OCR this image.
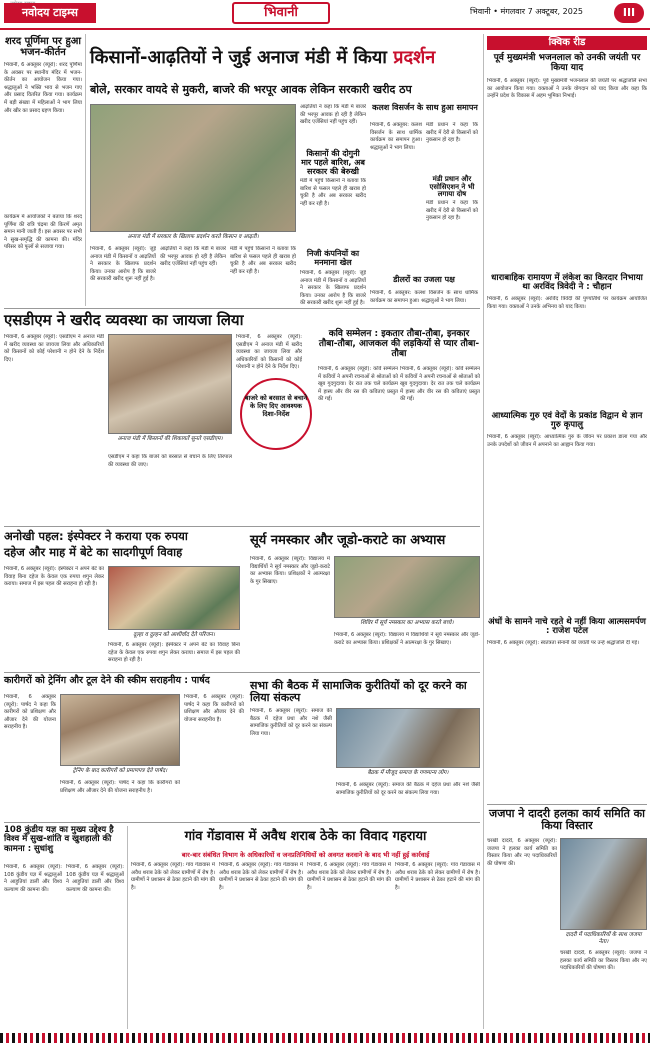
नवोदय टाइम्स	भिवानी	भिवानी • मंगलवार 7 अक्टूबर, 2025	III
शरद पूर्णिमा पर हुआ भजन-कीर्तन
भिवानी, 6 अक्तूबर (ब्यूरो): शरद पूर्णिमा के अवसर पर स्थानीय मंदिर में भजन-कीर्तन का आयोजन किया गया। श्रद्धालुओं ने भक्ति भाव से भजन गाए और प्रसाद वितरित किया गया। कार्यक्रम में बड़ी संख्या में महिलाओं ने भाग लिया और खीर का प्रसाद ग्रहण किया।
कार्यक्रम में आयोजकों ने बताया कि शरद पूर्णिमा की रात्रि चंद्रमा की किरणें अमृत समान मानी जाती हैं। इस अवसर पर सभी ने सुख-समृद्धि की कामना की। मंदिर परिसर को फूलों से सजाया गया।
किसानों-आढ़तियों ने जुई अनाज मंडी में किया प्रदर्शन
बोले, सरकार वायदे से मुकरी, बाजरे की भरपूर आवक लेकिन सरकारी खरीद ठप
अनाज मंडी में सरकार के खिलाफ प्रदर्शन करते किसान व आढ़ती।
भिवानी, 6 अक्तूबर (ब्यूरो): जुई अनाज मंडी में किसानों व आढ़तियों ने सरकार के खिलाफ प्रदर्शन किया। उनका आरोप है कि बाजरे की सरकारी खरीद शुरू नहीं हुई है।
आढ़तियों ने कहा कि मंडी में बाजरे की भरपूर आवक हो रही है लेकिन खरीद एजेंसियां नहीं पहुंच रहीं।
मंडी में पहुंचे किसानों ने बताया कि बारिश से फसल पहले ही खराब हो चुकी है और अब सरकार खरीद नहीं कर रही है।
आढ़तियों ने कहा कि मंडी में बाजरे की भरपूर आवक हो रही है लेकिन खरीद एजेंसियां नहीं पहुंच रहीं।
किसानों की दोगुनी मार पहले बारिश, अब सरकार की बेरुखी
मंडी में पहुंचे किसानों ने बताया कि बारिश से फसल पहले ही खराब हो चुकी है और अब सरकार खरीद नहीं कर रही है।
निजी कंपनियों का मनमाना खेल
भिवानी, 6 अक्तूबर (ब्यूरो): जुई अनाज मंडी में किसानों व आढ़तियों ने सरकार के खिलाफ प्रदर्शन किया। उनका आरोप है कि बाजरे की सरकारी खरीद शुरू नहीं हुई है।
कलश विसर्जन के साथ हुआ समापन
भिवानी, 6 अक्तूबर: कलश विसर्जन के साथ धार्मिक कार्यक्रम का समापन हुआ। श्रद्धालुओं ने भाग लिया।
मंडी प्रधान ने कहा कि खरीद में देरी से किसानों को नुकसान हो रहा है।
मंडी प्रधान और एसोसिएशन ने भी लगाया दोष
मंडी प्रधान ने कहा कि खरीद में देरी से किसानों को नुकसान हो रहा है।
डीलरों का उजला पक्ष
भिवानी, 6 अक्तूबर: कलश विसर्जन के साथ धार्मिक कार्यक्रम का समापन हुआ। श्रद्धालुओं ने भाग लिया।
क्विक रीड
पूर्व मुख्यमंत्री भजनलाल को उनकी जयंती पर किया याद
भिवानी, 6 अक्तूबर (ब्यूरो): पूर्व मुख्यमंत्री भजनलाल की जयंती पर श्रद्धांजलि सभा का आयोजन किया गया। वक्ताओं ने उनके योगदान को याद किया और कहा कि उन्होंने प्रदेश के विकास में अहम भूमिका निभाई।
धाराबाहिक रामायण में लंकेश का किरदार निभाया था अरविंद त्रिवेदी ने : चौहान
भिवानी, 6 अक्तूबर (ब्यूरो): अरविंद त्रिवेदी की पुण्यतिथि पर कार्यक्रम आयोजित किया गया। वक्ताओं ने उनके अभिनय को याद किया।
आध्यात्मिक गुरु एवं वेदों के प्रकांड विद्वान थे ज्ञान गुरु कृपालु
भिवानी, 6 अक्तूबर (ब्यूरो): आध्यात्मिक गुरु के जीवन पर प्रकाश डाला गया और उनके उपदेशों को जीवन में अपनाने का आह्वान किया गया।
अंधों के सामने नाचे रहते थे नहीं किया आत्मसमर्पण : राजेश पटेल
भिवानी, 6 अक्तूबर (ब्यूरो): स्वतंत्रता सेनानी की जयंती पर उन्हें श्रद्धांजलि दी गई।
जजपा ने दादरी हलका कार्य समिति का किया विस्तार
चरखी दादरी, 6 अक्तूबर (ब्यूरो): जजपा ने हलका कार्य समिति का विस्तार किया और नए पदाधिकारियों की घोषणा की।
दादरी में पदाधिकारियों के साथ जजपा नेता।
चरखी दादरी, 6 अक्तूबर (ब्यूरो): जजपा ने हलका कार्य समिति का विस्तार किया और नए पदाधिकारियों की घोषणा की।
एसडीएम ने खरीद व्यवस्था का जायजा लिया
भिवानी, 6 अक्तूबर (ब्यूरो): एसडीएम ने अनाज मंडी में खरीद व्यवस्था का जायजा लिया और अधिकारियों को किसानों को कोई परेशानी न होने देने के निर्देश दिए।
अनाज मंडी में किसानों की शिकायतें सुनते एसडीएम।
एसडीएम ने कहा कि बाजरे को बरसात से बचाने के लिए तिरपाल की व्यवस्था की जाए।
भिवानी, 6 अक्तूबर (ब्यूरो): एसडीएम ने अनाज मंडी में खरीद व्यवस्था का जायजा लिया और अधिकारियों को किसानों को कोई परेशानी न होने देने के निर्देश दिए।
बाजरे को बरसात से बचाने के लिए दिए आवश्यक दिशा-निर्देश
कवि सम्मेलन : इकतार तौबा-तौबा, इनकार तौबा-तौबा, आजकल की लड़कियों से प्यार तौबा-तौबा
भिवानी, 6 अक्तूबर (ब्यूरो): कवि सम्मेलन में कवियों ने अपनी रचनाओं से श्रोताओं को खूब गुदगुदाया। देर रात तक चले कार्यक्रम में हास्य और वीर रस की कविताएं प्रस्तुत की गईं।
भिवानी, 6 अक्तूबर (ब्यूरो): कवि सम्मेलन में कवियों ने अपनी रचनाओं से श्रोताओं को खूब गुदगुदाया। देर रात तक चले कार्यक्रम में हास्य और वीर रस की कविताएं प्रस्तुत की गईं।
अनोखी पहल: इंस्पेक्टर ने कराया एक रुपया
दहेज और माह में बेटे का सादगीपूर्ण विवाह
भिवानी, 6 अक्तूबर (ब्यूरो): इंस्पेक्टर ने अपने बेटे का विवाह बिना दहेज के केवल एक रुपया शगुन लेकर कराया। समाज में इस पहल की सराहना हो रही है।
दूल्हा व दुल्हन को आशीर्वाद देते परिजन।
भिवानी, 6 अक्तूबर (ब्यूरो): इंस्पेक्टर ने अपने बेटे का विवाह बिना दहेज के केवल एक रुपया शगुन लेकर कराया। समाज में इस पहल की सराहना हो रही है।
सूर्य नमस्कार और जूडो-कराटे का अभ्यास
भिवानी, 6 अक्तूबर (ब्यूरो): विद्यालय में विद्यार्थियों ने सूर्य नमस्कार और जूडो-कराटे का अभ्यास किया। प्रशिक्षकों ने आत्मरक्षा के गुर सिखाए।
शिविर में सूर्य नमस्कार का अभ्यास करते बच्चे।
भिवानी, 6 अक्तूबर (ब्यूरो): विद्यालय में विद्यार्थियों ने सूर्य नमस्कार और जूडो-कराटे का अभ्यास किया। प्रशिक्षकों ने आत्मरक्षा के गुर सिखाए।
कारीगरों को ट्रेनिंग और टूल देने की स्कीम सराहनीय : पार्षद
भिवानी, 6 अक्तूबर (ब्यूरो): पार्षद ने कहा कि कारीगरों को प्रशिक्षण और औजार देने की योजना सराहनीय है।
ट्रेनिंग के बाद कारीगरों को प्रमाणपत्र देते पार्षद।
भिवानी, 6 अक्तूबर (ब्यूरो): पार्षद ने कहा कि कारीगरों को प्रशिक्षण और औजार देने की योजना सराहनीय है।
भिवानी, 6 अक्तूबर (ब्यूरो): पार्षद ने कहा कि कारीगरों को प्रशिक्षण और औजार देने की योजना सराहनीय है।
सभा की बैठक में सामाजिक कुरीतियों को दूर करने का लिया संकल्प
भिवानी, 6 अक्तूबर (ब्यूरो): समाज की बैठक में दहेज प्रथा और नशे जैसी सामाजिक कुरीतियों को दूर करने का संकल्प लिया गया।
बैठक में मौजूद समाज के गणमान्य लोग।
भिवानी, 6 अक्तूबर (ब्यूरो): समाज की बैठक में दहेज प्रथा और नशे जैसी सामाजिक कुरीतियों को दूर करने का संकल्प लिया गया।
108 कुंडीय यज्ञ का मुख्य उद्देश्य है विश्व में सुख-शांति व खुशहाली की कामना : सुधांशु
भिवानी, 6 अक्तूबर (ब्यूरो): 108 कुंडीय यज्ञ में श्रद्धालुओं ने आहुतियां डालीं और विश्व कल्याण की कामना की।
भिवानी, 6 अक्तूबर (ब्यूरो): 108 कुंडीय यज्ञ में श्रद्धालुओं ने आहुतियां डालीं और विश्व कल्याण की कामना की।
गांव गेंडावास में अवैध शराब ठेके का विवाद गहराया
बार-बार संबंधित विभाग के अधिकारियों व जनप्रतिनिधियों को अवगत करवाने के बाद भी नहीं हुई कार्रवाई
भिवानी, 6 अक्तूबर (ब्यूरो): गांव गेंडावास में अवैध शराब ठेके को लेकर ग्रामीणों में रोष है। ग्रामीणों ने प्रशासन से ठेका हटाने की मांग की है।
भिवानी, 6 अक्तूबर (ब्यूरो): गांव गेंडावास में अवैध शराब ठेके को लेकर ग्रामीणों में रोष है। ग्रामीणों ने प्रशासन से ठेका हटाने की मांग की है।
भिवानी, 6 अक्तूबर (ब्यूरो): गांव गेंडावास में अवैध शराब ठेके को लेकर ग्रामीणों में रोष है। ग्रामीणों ने प्रशासन से ठेका हटाने की मांग की है।
भिवानी, 6 अक्तूबर (ब्यूरो): गांव गेंडावास में अवैध शराब ठेके को लेकर ग्रामीणों में रोष है। ग्रामीणों ने प्रशासन से ठेका हटाने की मांग की है।
